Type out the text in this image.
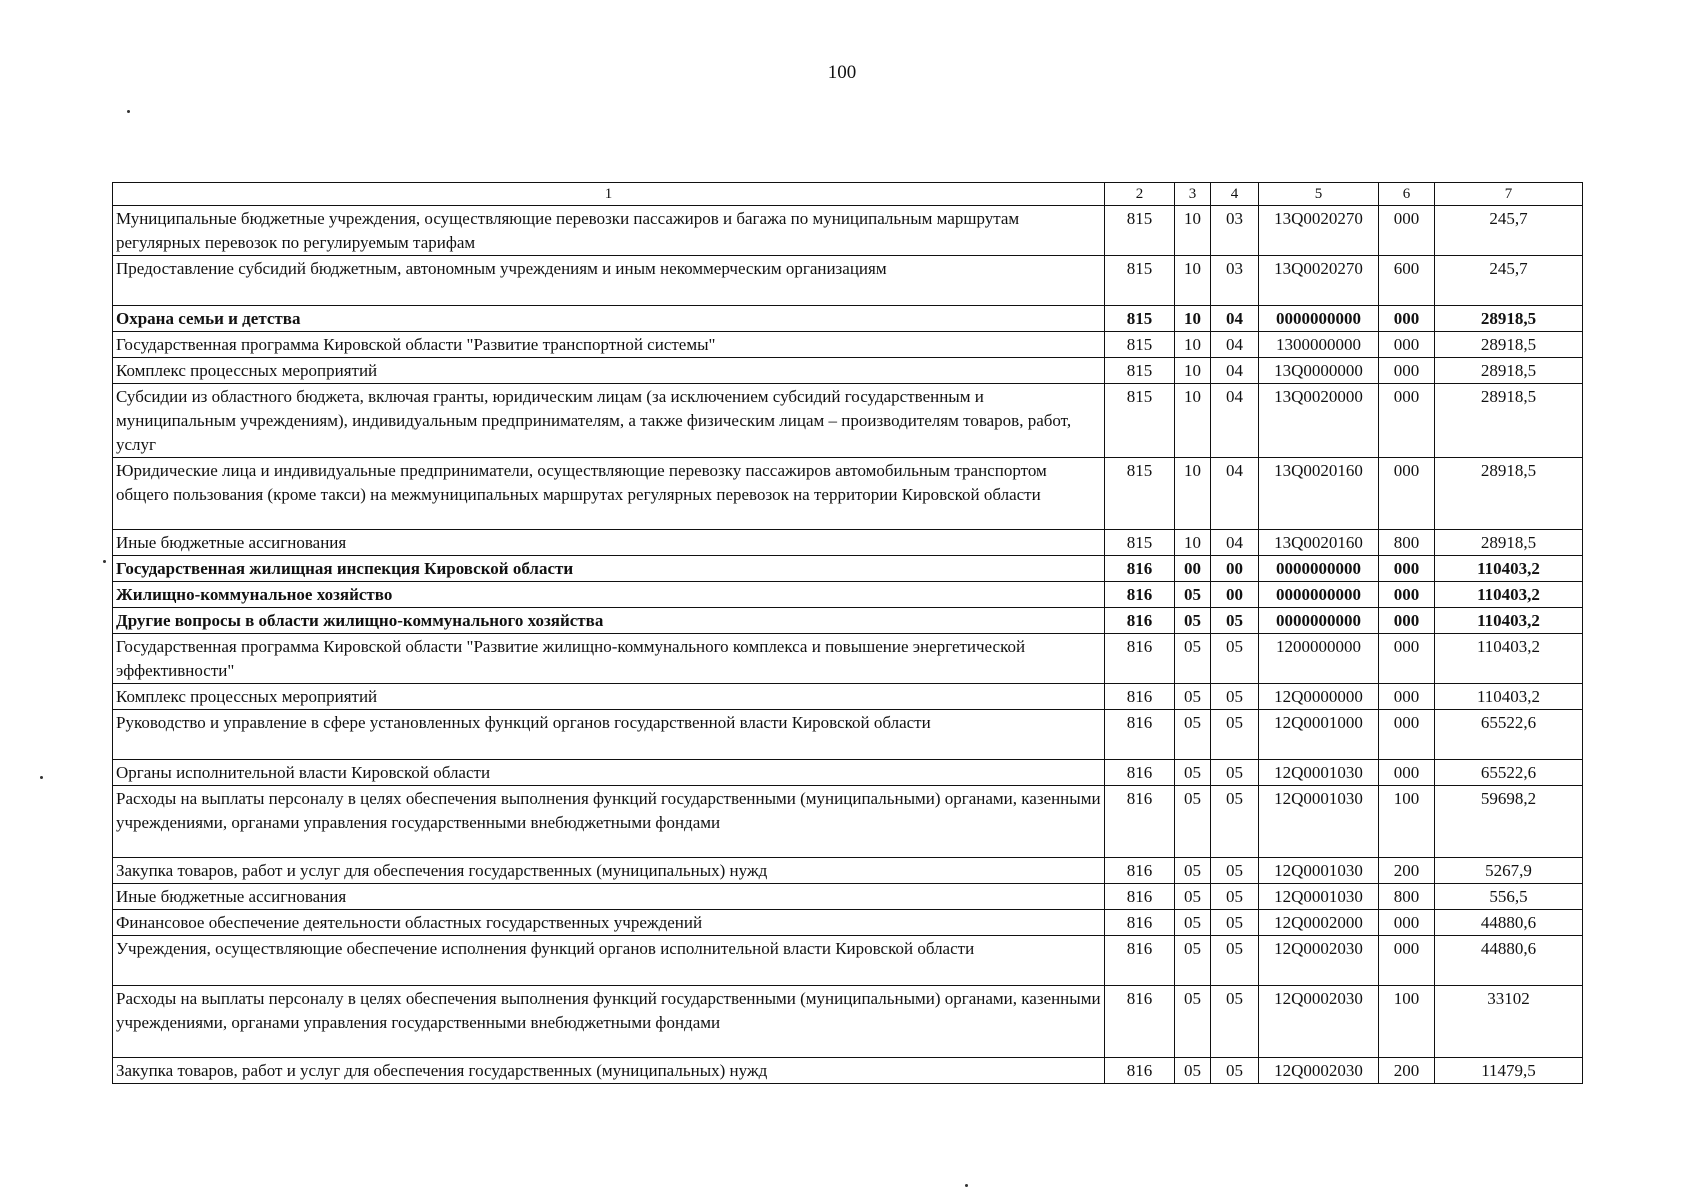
100
1	2	3	4	5	6	7
Муниципальные бюджетные учреждения, осуществляющие перевозки пассажиров и багажа по муниципальным маршрутам регулярных перевозок по регулируемым тарифам	815	10	03	13Q0020270	000	245,7
Предоставление субсидий бюджетным, автономным учреждениям и иным некоммерческим организациям	815	10	03	13Q0020270	600	245,7
Охрана семьи и детства	815	10	04	0000000000	000	28918,5
Государственная программа Кировской области "Развитие транспортной системы"	815	10	04	1300000000	000	28918,5
Комплекс процессных мероприятий	815	10	04	13Q0000000	000	28918,5
Субсидии из областного бюджета, включая гранты, юридическим лицам (за исключением субсидий государственным и муниципальным учреждениям), индивидуальным предпринимателям, а также физическим лицам – производителям товаров, работ, услуг	815	10	04	13Q0020000	000	28918,5
Юридические лица и индивидуальные предприниматели, осуществляющие перевозку пассажиров автомобильным транспортом общего пользования (кроме такси) на межмуниципальных маршрутах регулярных перевозок на территории Кировской области	815	10	04	13Q0020160	000	28918,5
Иные бюджетные ассигнования	815	10	04	13Q0020160	800	28918,5
Государственная жилищная инспекция Кировской области	816	00	00	0000000000	000	110403,2
Жилищно-коммунальное хозяйство	816	05	00	0000000000	000	110403,2
Другие вопросы в области жилищно-коммунального хозяйства	816	05	05	0000000000	000	110403,2
Государственная программа Кировской области "Развитие жилищно-коммунального комплекса и повышение энергетической эффективности"	816	05	05	1200000000	000	110403,2
Комплекс процессных мероприятий	816	05	05	12Q0000000	000	110403,2
Руководство и управление в сфере установленных функций органов государственной власти Кировской области	816	05	05	12Q0001000	000	65522,6
Органы исполнительной власти Кировской области	816	05	05	12Q0001030	000	65522,6
Расходы на выплаты персоналу в целях обеспечения выполнения функций государственными (муниципальными) органами, казенными учреждениями, органами управления государственными внебюджетными фондами	816	05	05	12Q0001030	100	59698,2
Закупка товаров, работ и услуг для обеспечения государственных (муниципальных) нужд	816	05	05	12Q0001030	200	5267,9
Иные бюджетные ассигнования	816	05	05	12Q0001030	800	556,5
Финансовое обеспечение деятельности областных государственных учреждений	816	05	05	12Q0002000	000	44880,6
Учреждения, осуществляющие обеспечение исполнения функций органов исполнительной власти Кировской области	816	05	05	12Q0002030	000	44880,6
Расходы на выплаты персоналу в целях обеспечения выполнения функций государственными (муниципальными) органами, казенными учреждениями, органами управления государственными внебюджетными фондами	816	05	05	12Q0002030	100	33102
Закупка товаров, работ и услуг для обеспечения государственных (муниципальных) нужд	816	05	05	12Q0002030	200	11479,5
